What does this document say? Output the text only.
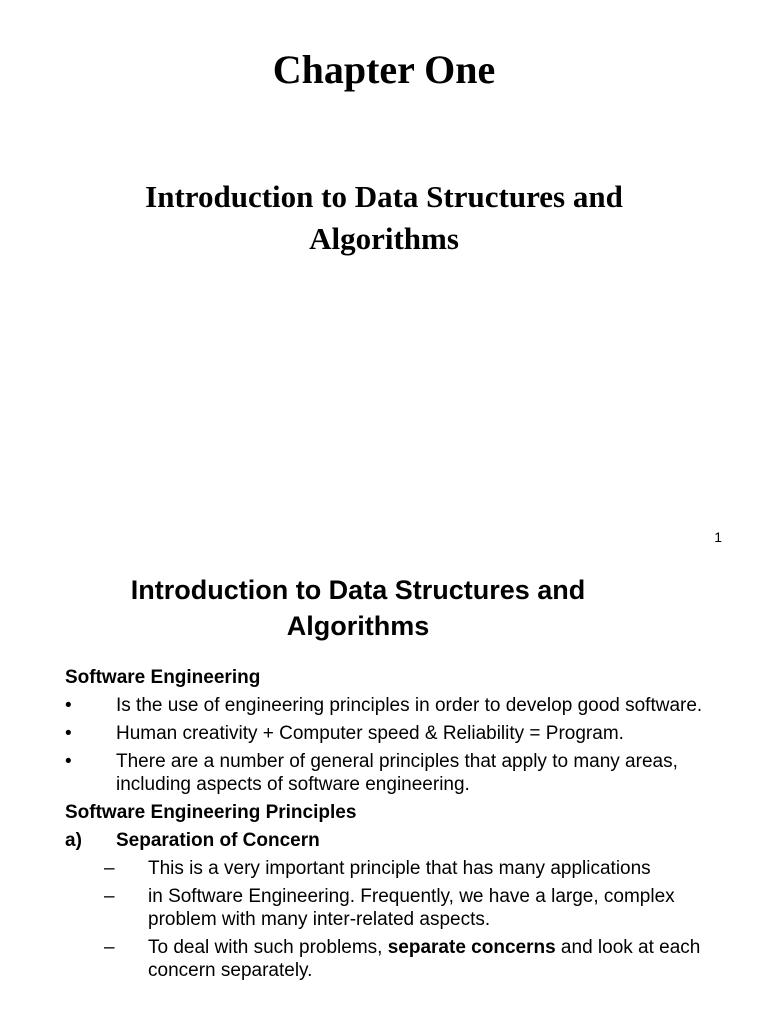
Chapter One
Introduction to Data Structures and Algorithms
1
Introduction to Data Structures and Algorithms
Software Engineering
• Is the use of engineering principles in order to develop good software.
• Human creativity + Computer speed & Reliability = Program.
• There are a number of general principles that apply to many areas, including aspects of software engineering.
Software Engineering Principles
a) Separation of Concern
– This is a very important principle that has many applications
– in Software Engineering. Frequently, we have a large, complex problem with many inter-related aspects.
– To deal with such problems, separate concerns and look at each concern separately.
